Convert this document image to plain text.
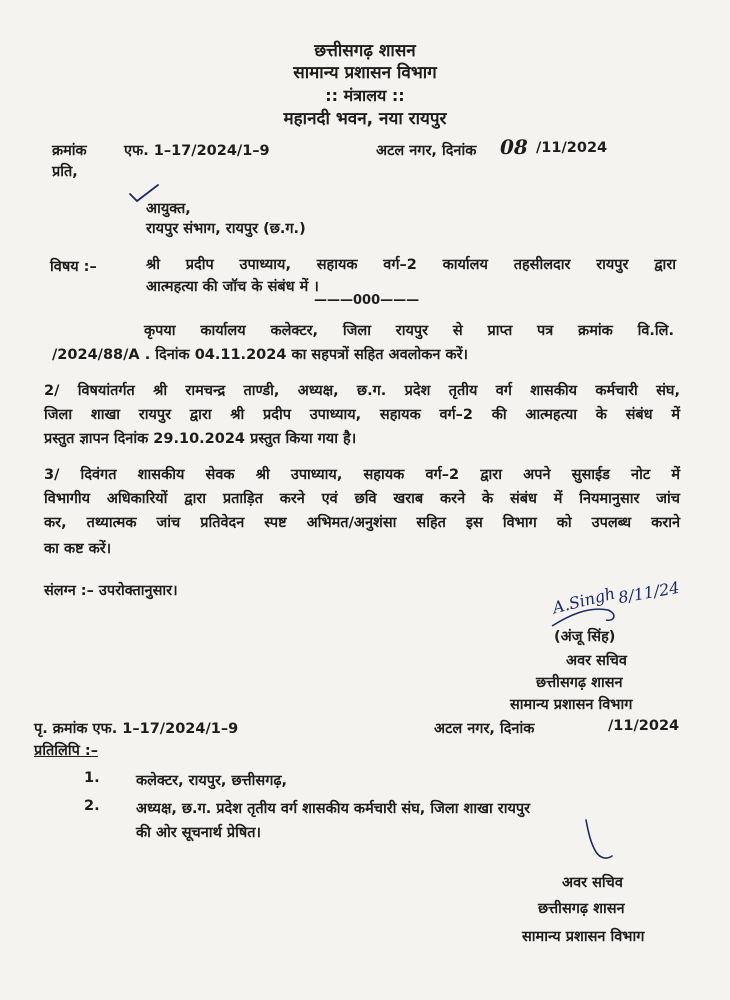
छत्तीसगढ़ शासन
सामान्य प्रशासन विभाग
:: मंत्रालय ::
महानदी भवन, नया रायपुर
क्रमांक	एफ. 1–17/2024/1–9	अटल नगर, दिनांक 08 /11/2024
प्रति,
आयुक्त,
रायपुर संभाग, रायपुर (छ.ग.)
विषय :–	श्री प्रदीप उपाध्याय, सहायक वर्ग–2 कार्यालय तहसीलदार रायपुर द्वारा
आत्महत्या की जॉच के संबंध में ।
———000———
कृपया कार्यालय कलेक्टर, जिला रायपुर से प्राप्त पत्र क्रमांक वि.लि.
/2024/88/A . दिनांक 04.11.2024 का सहपत्रों सहित अवलोकन करें।
2/ विषयांतर्गत श्री रामचन्द्र ताण्डी, अध्यक्ष, छ.ग. प्रदेश तृतीय वर्ग शासकीय कर्मचारी संघ,
जिला शाखा रायपुर द्वारा श्री प्रदीप उपाध्याय, सहायक वर्ग–2 की आत्महत्या के संबंध में
प्रस्तुत ज्ञापन दिनांक 29.10.2024 प्रस्तुत किया गया है।
3/ दिवंगत शासकीय सेवक श्री उपाध्याय, सहायक वर्ग–2 द्वारा अपने सुसाईड नोट में
विभागीय अधिकारियों द्वारा प्रताड़ित करने एवं छवि खराब करने के संबंध में नियमानुसार जांच
कर, तथ्यात्मक जांच प्रतिवेदन स्पष्ट अभिमत/अनुशंसा सहित इस विभाग को उपलब्ध कराने
का कष्ट करें।
संलग्न :– उपरोक्तानुसार।	A.Singh 8/11/24
(अंजू सिंह)
अवर सचिव
छत्तीसगढ़ शासन
सामान्य प्रशासन विभाग
पृ. क्रमांक एफ. 1–17/2024/1–9	अटल नगर, दिनांक	/11/2024
प्रतिलिपि :–
1.	कलेक्टर, रायपुर, छत्तीसगढ़,
2.	अध्यक्ष, छ.ग. प्रदेश तृतीय वर्ग शासकीय कर्मचारी संघ, जिला शाखा रायपुर
की ओर सूचनार्थ प्रेषित।
अवर सचिव
छत्तीसगढ़ शासन
सामान्य प्रशासन विभाग
